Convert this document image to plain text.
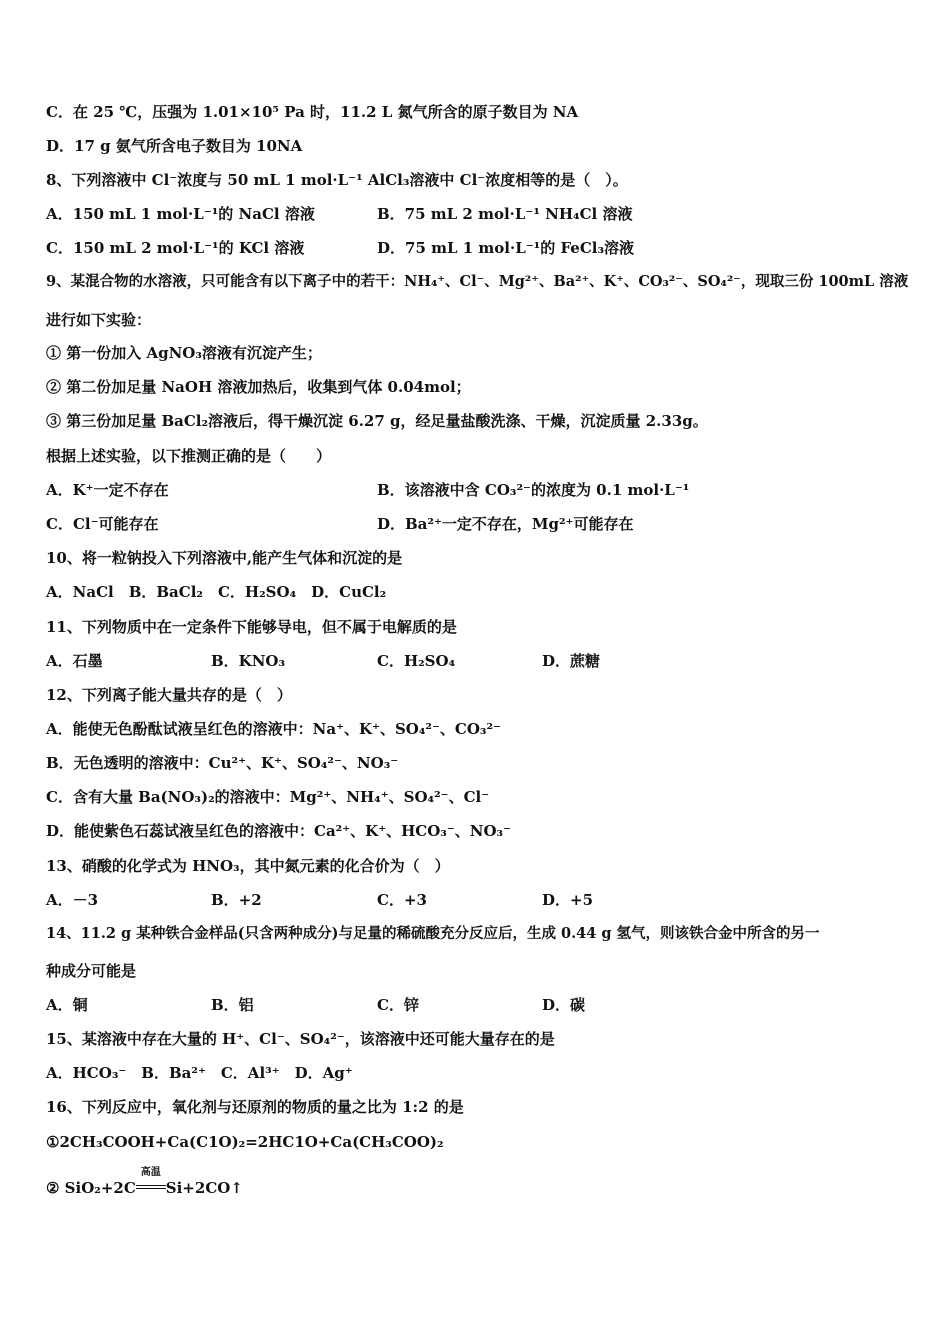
C．在 25 ℃，压强为 1.01×10⁵ Pa 时，11.2 L 氮气所含的原子数目为 NA
D．17 g 氨气所含电子数目为 10NA
8、下列溶液中 Cl⁻浓度与 50 mL 1 mol·L⁻¹ AlCl₃溶液中 Cl⁻浓度相等的是（　）。
A．150 mL 1 mol·L⁻¹的 NaCl 溶液	B．75 mL 2 mol·L⁻¹ NH₄Cl 溶液
C．150 mL 2 mol·L⁻¹的 KCl 溶液	D．75 mL 1 mol·L⁻¹的 FeCl₃溶液
9、某混合物的水溶液，只可能含有以下离子中的若干：NH₄⁺、Cl⁻、Mg²⁺、Ba²⁺、K⁺、CO₃²⁻、SO₄²⁻，现取三份 100mL 溶液
进行如下实验：
① 第一份加入 AgNO₃溶液有沉淀产生；
② 第二份加足量 NaOH 溶液加热后，收集到气体 0.04mol；
③ 第三份加足量 BaCl₂溶液后，得干燥沉淀 6.27 g，经足量盐酸洗涤、干燥，沉淀质量 2.33g。
根据上述实验，以下推测正确的是（　　）
A．K⁺一定不存在	B．该溶液中含 CO₃²⁻的浓度为 0.1 mol·L⁻¹
C．Cl⁻可能存在	D．Ba²⁺一定不存在，Mg²⁺可能存在
10、将一粒钠投入下列溶液中,能产生气体和沉淀的是
A．NaCl　B．BaCl₂　C．H₂SO₄　D．CuCl₂
11、下列物质中在一定条件下能够导电，但不属于电解质的是
A．石墨	B．KNO₃	C．H₂SO₄	D．蔗糖
12、下列离子能大量共存的是（　）
A．能使无色酚酞试液呈红色的溶液中：Na⁺、K⁺、SO₄²⁻、CO₃²⁻
B．无色透明的溶液中：Cu²⁺、K⁺、SO₄²⁻、NO₃⁻
C．含有大量 Ba(NO₃)₂的溶液中：Mg²⁺、NH₄⁺、SO₄²⁻、Cl⁻
D．能使紫色石蕊试液呈红色的溶液中：Ca²⁺、K⁺、HCO₃⁻、NO₃⁻
13、硝酸的化学式为 HNO₃，其中氮元素的化合价为（　）
A．－3	B．+2	C．+3	D．+5
14、11.2 g 某种铁合金样品(只含两种成分)与足量的稀硫酸充分反应后，生成 0.44 g 氢气，则该铁合金中所含的另一
种成分可能是
A．铜	B．铝	C．锌	D．碳
15、某溶液中存在大量的 H⁺、Cl⁻、SO₄²⁻，该溶液中还可能大量存在的是
A．HCO₃⁻　B．Ba²⁺　C．Al³⁺　D．Ag⁺
16、下列反应中，氧化剂与还原剂的物质的量之比为 1:2 的是
①2CH₃COOH+Ca(C1O)₂=2HC1O+Ca(CH₃COO)₂
② SiO₂+2C
高温
Si+2CO↑
